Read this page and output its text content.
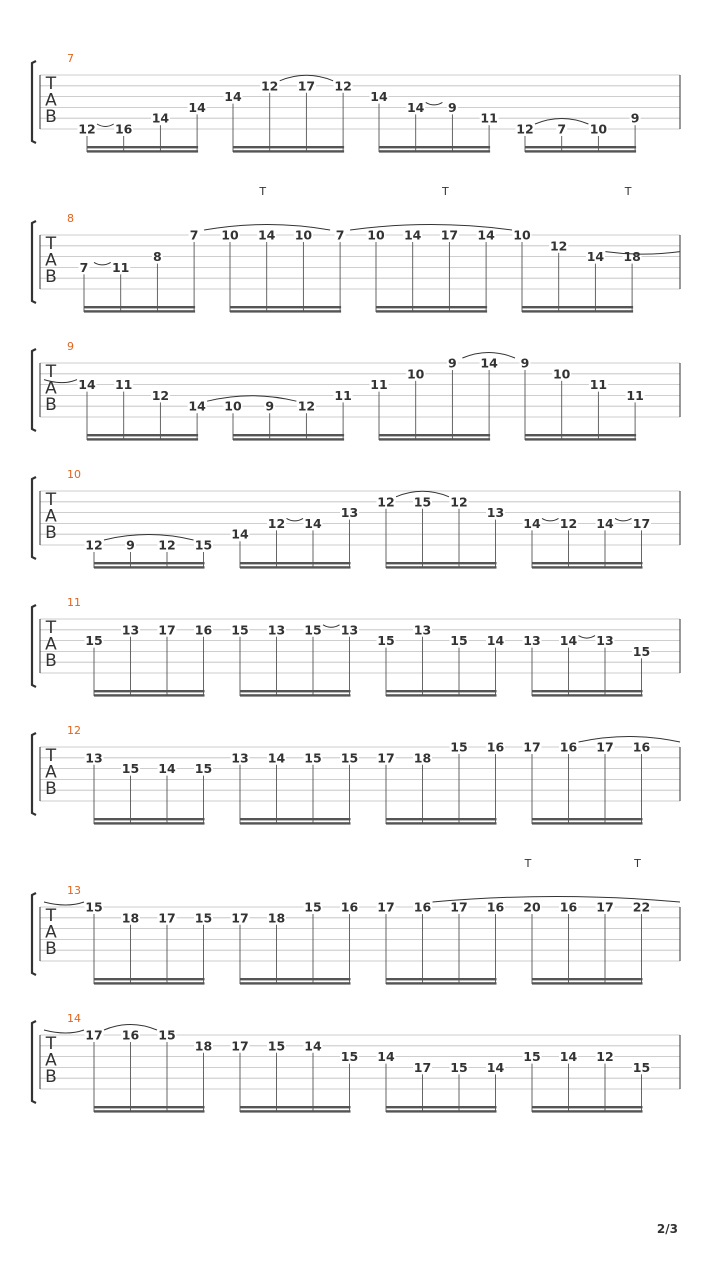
T
A
B
7
12 16
14
14
14
12 17 12
14
14 9
11
12 7 10
9
T
A
B
8
7 11
8
7 10 14 10 7 10 14 17 14 10
12
14 18
T	T	T
T
A
B
9
14 11
12
14 10 9 12
11
11
10
9 14 9
10
11
11
T
A
B
10
12 9 12 15
14
12 14
13
12 15 12
13
14 12 14 17
T
A
B
11
15
13 17 16 15 13 15 13
15
13
15 14 13 14 13
15
T
A
B
12
13
15 14 15
13 14 15 15 17 18
15 16 17 16 17 16
T
A
B
13
15
18 17 15 17 18
15 16 17 16 17 16 20 16 17 22
T	T
T
A
B
14
17 16 15
18 17 15 14
15 14
17 15 14
15 14 12
15
2/3
